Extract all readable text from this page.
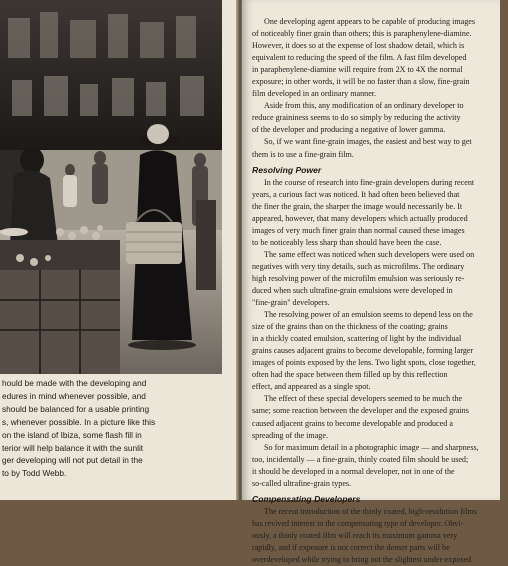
hould be made with the developing and
edures in mind whenever possible, and
should be balanced for a usable printing
s, whenever possible. In a picture like this
on the island of Ibiza, some flash fill in
terior will help balance it with the sunlit
ger developing will not put detail in the
to by Todd Webb.
One developing agent appears to be capable of producing images
of noticeably finer grain than others; this is paraphenylene-diamine.
However, it does so at the expense of lost shadow detail, which is
equivalent to reducing the speed of the film. A fast film developed
in paraphenylene-diamine will require from 2X to 4X the normal
exposure; in other words, it will be no faster than a slow, fine-grain
film developed in an ordinary manner.
Aside from this, any modification of an ordinary developer to
reduce graininess seems to do so simply by reducing the activity
of the developer and producing a negative of lower gamma.
So, if we want fine-grain images, the easiest and best way to get
them is to use a fine-grain film.
Resolving Power
In the course of research into fine-grain developers during recent
years, a curious fact was noticed. It had often been believed that
the finer the grain, the sharper the image would necessarily be. It
appeared, however, that many developers which actually produced
images of very much finer grain than normal caused these images
to be noticeably less sharp than should have been the case.
The same effect was noticed when such developers were used on
negatives with very tiny details, such as microfilms. The ordinary
high resolving power of the microfilm emulsion was seriously re-
duced when such ultrafine-grain emulsions were developed in
"fine-grain" developers.
The resolving power of an emulsion seems to depend less on the
size of the grains than on the thickness of the coating; grains
in a thickly coated emulsion, scattering of light by the individual
grains causes adjacent grains to become developable, forming larger
images of points exposed by the lens. Two light spots, close together,
often had the space between them filled up by this reflection
effect, and appeared as a single spot.
The effect of these special developers seemed to be much the
same; some reaction between the developer and the exposed grains
caused adjacent grains to become developable and produced a
spreading of the image.
So for maximum detail in a photographic image — and sharpness,
too, incidentally — a fine-grain, thinly coated film should be used;
it should be developed in a normal developer, not in one of the
so-called ultrafine-grain types.
Compensating Developers
The recent introduction of the thinly coated, high-resolution films
has revived interest in the compensating type of developer. Obvi-
ously, a thinly coated film will reach its maximum gamma very
rapidly, and if exposure is not correct the denser parts will be
overdeveloped while trying to bring out the slightest under-exposed
